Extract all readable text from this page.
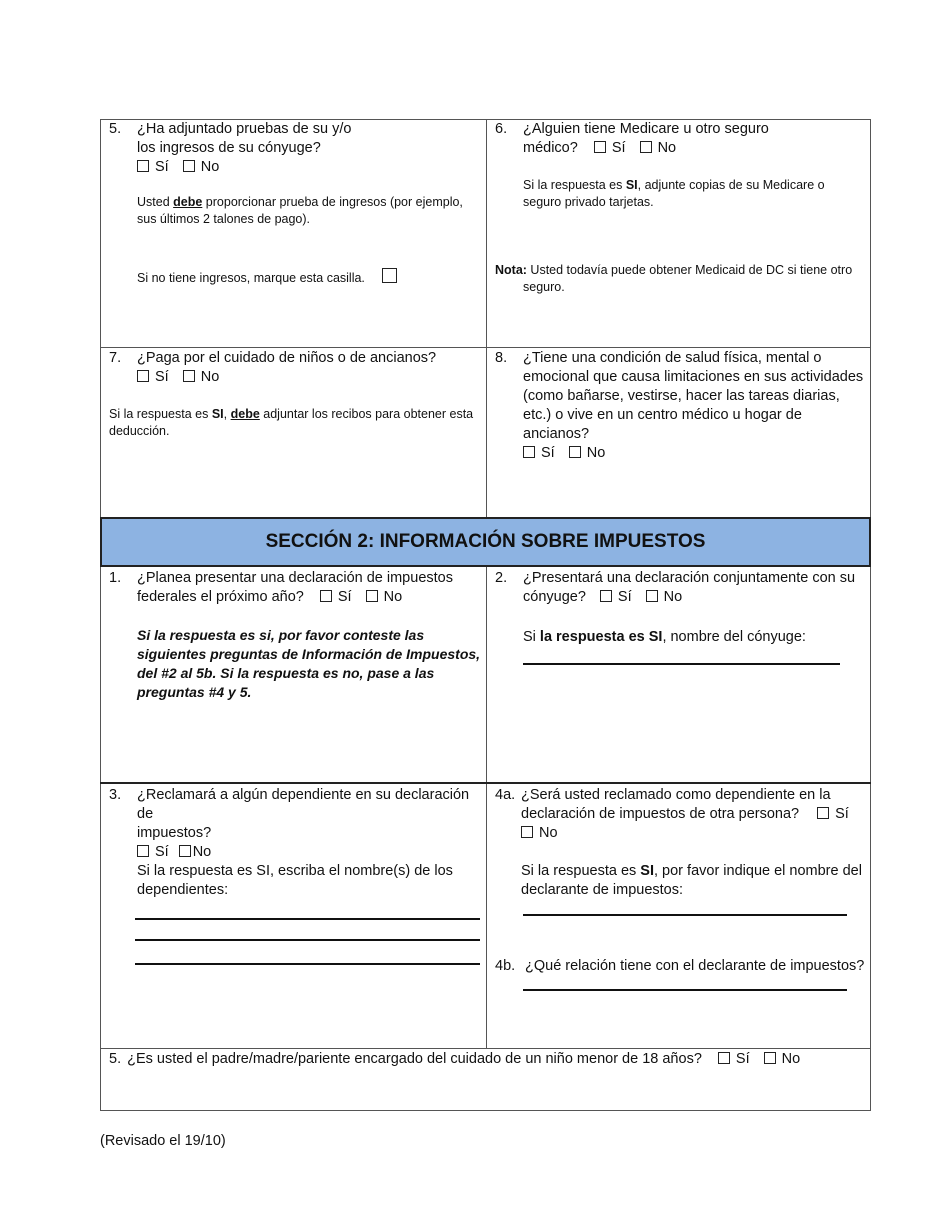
5. ¿Ha adjuntado pruebas de su y/o
los ingresos de su cónyuge?
Sí No
Usted debe proporcionar prueba de ingresos (por ejemplo, sus últimos 2 talones de pago).
Si no tiene ingresos, marque esta casilla.
6. ¿Alguien tiene Medicare u otro seguro
médico? Sí No
Si la respuesta es SI, adjunte copias de su Medicare o seguro privado tarjetas.
Nota: Usted todavía puede obtener Medicaid de DC si tiene otro seguro.
7. ¿Paga por el cuidado de niños o de ancianos?
Sí No
Si la respuesta es SI, debe adjuntar los recibos para obtener esta deducción.
8. ¿Tiene una condición de salud física, mental o emocional que causa limitaciones en sus actividades (como bañarse, vestirse, hacer las tareas diarias, etc.) o vive en un centro médico u hogar de ancianos?
Sí No
SECCIÓN 2: INFORMACIÓN SOBRE IMPUESTOS
1. ¿Planea presentar una declaración de impuestos
federales el próximo año? Sí No
Si la respuesta es si, por favor conteste las siguientes preguntas de Información de Impuestos, del #2 al 5b. Si la respuesta es no, pase a las preguntas #4 y 5.
2. ¿Presentará una declaración conjuntamente con su
cónyuge? Sí No
Si la respuesta es SI, nombre del cónyuge:
3. ¿Reclamará a algún dependiente en su declaración de
impuestos?
Sí No
Si la respuesta es SI, escriba el nombre(s) de los dependientes:
4a. ¿Será usted reclamado como dependiente en la
declaración de impuestos de otra persona? Sí
No
Si la respuesta es SI, por favor indique el nombre del declarante de impuestos:
4b. ¿Qué relación tiene con el declarante de impuestos?
5. ¿Es usted el padre/madre/pariente encargado del cuidado de un niño menor de 18 años? Sí No
(Revisado el 19/10)
